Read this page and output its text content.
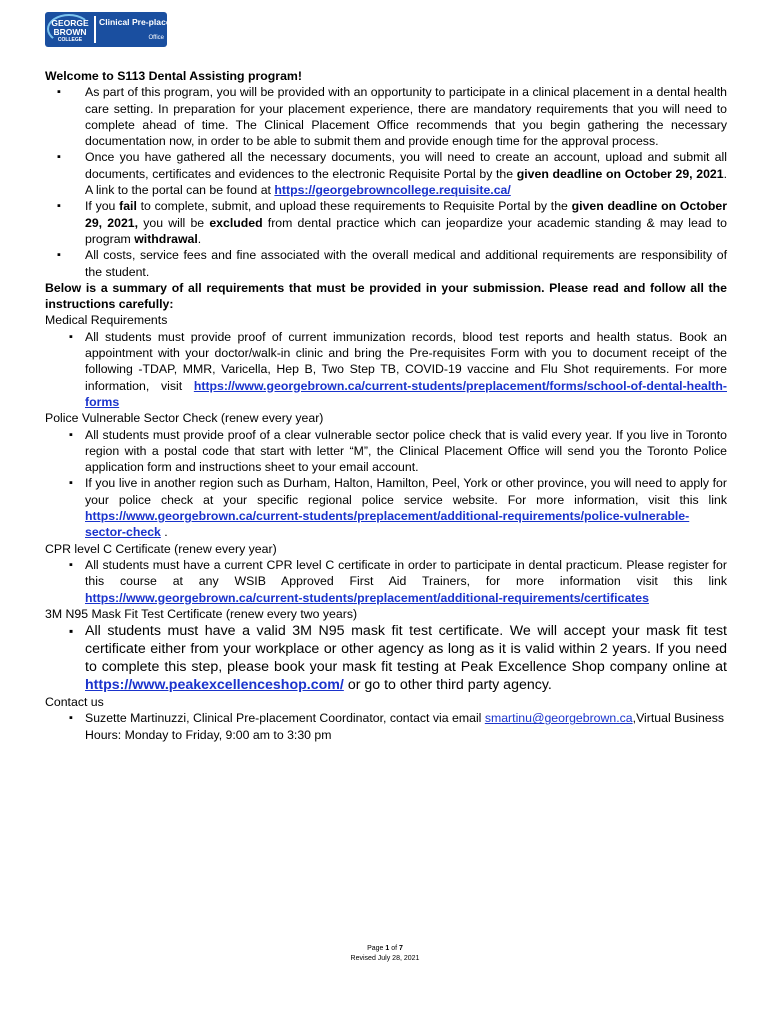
GEORGE
BROWN
COLLEGE
Clinical Pre-placement
Office

Welcome to S113 Dental Assisting program!

▪ As part of this program, you will be provided with an opportunity to participate in a clinical placement in a dental health care setting. In preparation for your placement experience, there are mandatory requirements that you will need to complete ahead of time. The Clinical Placement Office recommends that you begin gathering the necessary documentation now, in order to be able to submit them and provide enough time for the approval process.
▪ Once you have gathered all the necessary documents, you will need to create an account, upload and submit all documents, certificates and evidences to the electronic Requisite Portal by the given deadline on October 29, 2021. A link to the portal can be found at https://georgebrowncollege.requisite.ca/
▪ If you fail to complete, submit, and upload these requirements to Requisite Portal by the given deadline on October 29, 2021, you will be excluded from dental practice which can jeopardize your academic standing & may lead to program withdrawal.
▪ All costs, service fees and fine associated with the overall medical and additional requirements are responsibility of the student.

Below is a summary of all requirements that must be provided in your submission. Please read and follow all the instructions carefully:

Medical Requirements

▪ All students must provide proof of current immunization records, blood test reports and health status. Book an appointment with your doctor/walk-in clinic and bring the Pre-requisites Form with you to document receipt of the following -TDAP, MMR, Varicella, Hep B, Two Step TB, COVID-19 vaccine and Flu Shot requirements. For more information, visit https://www.georgebrown.ca/current-students/preplacement/forms/school-of-dental-health-forms

Police Vulnerable Sector Check (renew every year)

▪ All students must provide proof of a clear vulnerable sector police check that is valid every year. If you live in Toronto region with a postal code that start with letter “M”, the Clinical Placement Office will send you the Toronto Police application form and instructions sheet to your email account.
▪ If you live in another region such as Durham, Halton, Hamilton, Peel, York or other province, you will need to apply for your police check at your specific regional police service website. For more information, visit this link https://www.georgebrown.ca/current-students/preplacement/additional-requirements/police-vulnerable-sector-check .

CPR level C Certificate (renew every year)

▪ All students must have a current CPR level C certificate in order to participate in dental practicum. Please register for this course at any WSIB Approved First Aid Trainers, for more information visit this link https://www.georgebrown.ca/current-students/preplacement/additional-requirements/certificates

3M N95 Mask Fit Test Certificate (renew every two years)

▪ All students must have a valid 3M N95 mask fit test certificate. We will accept your mask fit test certificate either from your workplace or other agency as long as it is valid within 2 years. If you need to complete this step, please book your mask fit testing at Peak Excellence Shop company online at https://www.peakexcellenceshop.com/ or go to other third party agency.

Contact us

▪ Suzette Martinuzzi, Clinical Pre-placement Coordinator, contact via email smartinu@georgebrown.ca,Virtual Business Hours: Monday to Friday, 9:00 am to 3:30 pm
Page 1 of 7
Revised July 28, 2021
